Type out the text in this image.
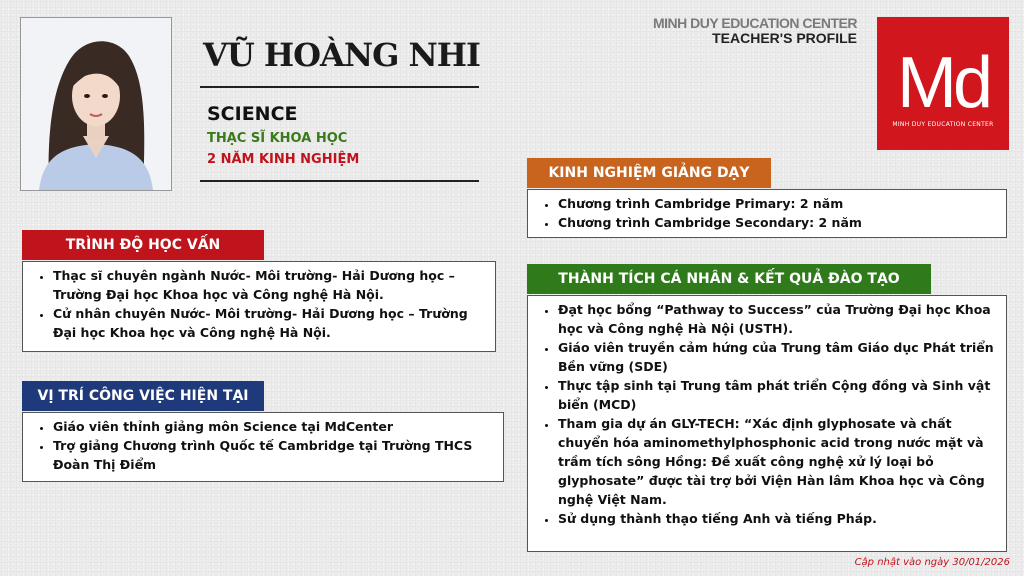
VŨ HOÀNG NHI
SCIENCE
THẠC SĨ KHOA HỌC
2 NĂM KINH NGHIỆM
MINH DUY EDUCATION CENTER
TEACHER'S PROFILE
Md
MINH DUY EDUCATION CENTER
TRÌNH ĐỘ HỌC VẤN
• Thạc sĩ chuyên ngành Nước- Môi trường- Hải Dương học – Trường Đại học Khoa học và Công nghệ Hà Nội.
• Cử nhân chuyên Nước- Môi trường- Hải Dương học – Trường Đại học Khoa học và Công nghệ Hà Nội.
VỊ TRÍ CÔNG VIỆC HIỆN TẠI
• Giáo viên thỉnh giảng môn Science tại MdCenter
• Trợ giảng Chương trình Quốc tế Cambridge tại Trường THCS Đoàn Thị Điểm
KINH NGHIỆM GIẢNG DẠY
• Chương trình Cambridge Primary: 2 năm
• Chương trình Cambridge Secondary: 2 năm
THÀNH TÍCH CÁ NHÂN & KẾT QUẢ ĐÀO TẠO
• Đạt học bổng “Pathway to Success” của Trường Đại học Khoa học và Công nghệ Hà Nội (USTH).
• Giáo viên truyền cảm hứng của Trung tâm Giáo dục Phát triển Bền vững (SDE)
• Thực tập sinh tại Trung tâm phát triển Cộng đồng và Sinh vật biển (MCD)
• Tham gia dự án GLY-TECH: “Xác định glyphosate và chất chuyển hóa aminomethylphosphonic acid trong nước mặt và trầm tích sông Hồng: Đề xuất công nghệ xử lý loại bỏ glyphosate” được tài trợ bởi Viện Hàn lâm Khoa học và Công nghệ Việt Nam.
• Sử dụng thành thạo tiếng Anh và tiếng Pháp.
Cập nhật vào ngày 30/01/2026
